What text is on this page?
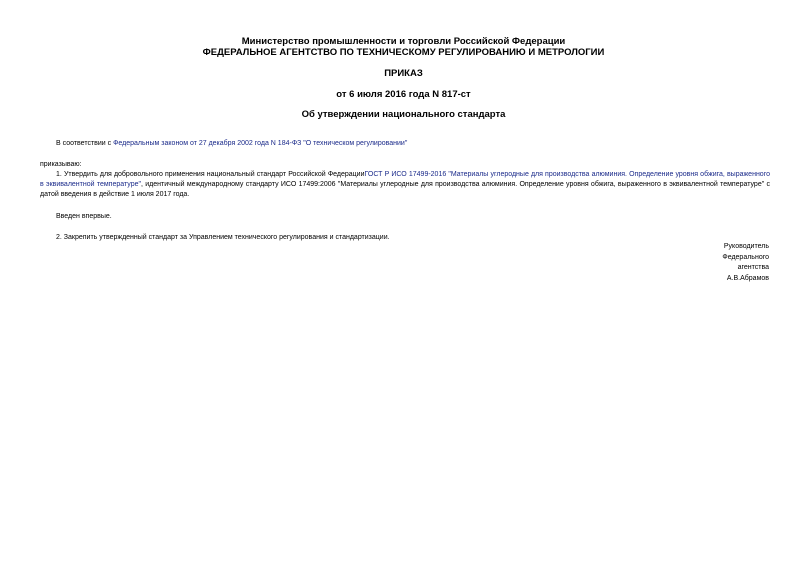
Министерство промышленности и торговли Российской Федерации
ФЕДЕРАЛЬНОЕ АГЕНТСТВО ПО ТЕХНИЧЕСКОМУ РЕГУЛИРОВАНИЮ И МЕТРОЛОГИИ
ПРИКАЗ
от 6 июля 2016 года N 817-ст
Об утверждении национального стандарта
В соответствии с Федеральным законом от 27 декабря 2002 года N 184-ФЗ "О техническом регулировании"
приказываю:
1. Утвердить для добровольного применения национальный стандарт Российской ФедерацииГОСТ Р ИСО 17499-2016 "Материалы углеродные для производства алюминия. Определение уровня обжига, выраженного в эквивалентной температуре", идентичный международному стандарту ИСО 17499:2006 "Материалы углеродные для производства алюминия. Определение уровня обжига, выраженного в эквивалентной температуре" с датой введения в действие 1 июля 2017 года.
Введен впервые.
2. Закрепить утвержденный стандарт за Управлением технического регулирования и стандартизации.
Руководитель
Федерального
агентства
А.В.Абрамов
